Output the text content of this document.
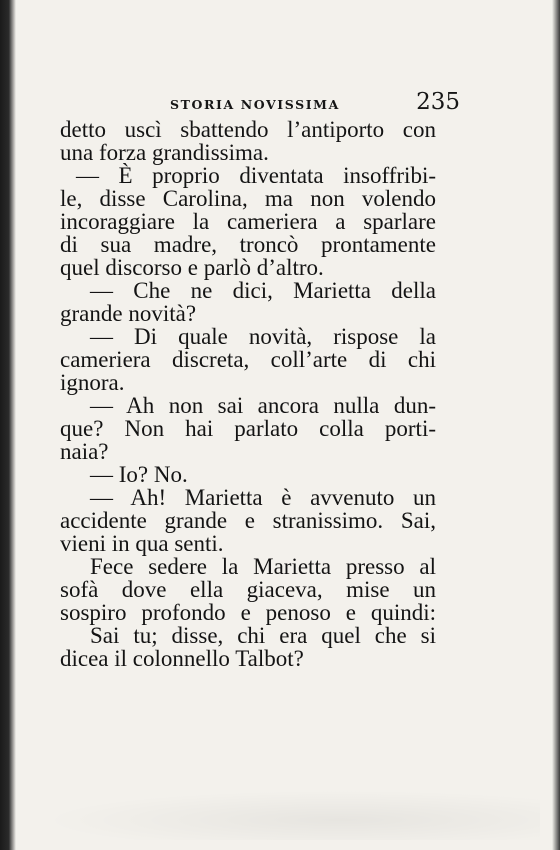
STORIA NOVISSIMA	235
detto uscì sbattendo l’antiporto con
una forza grandissima.
— È proprio diventata insoffribi-
le, disse Carolina, ma non volendo
incoraggiare la cameriera a sparlare
di sua madre, troncò prontamente
quel discorso e parlò d’altro.
— Che ne dici, Marietta della
grande novità?
— Di quale novità, rispose la
cameriera discreta, coll’arte di chi
ignora.
— Ah non sai ancora nulla dun-
que? Non hai parlato colla porti-
naia?
— Io? No.
— Ah! Marietta è avvenuto un
accidente grande e stranissimo. Sai,
vieni in qua senti.
Fece sedere la Marietta presso al
sofà dove ella giaceva, mise un
sospiro profondo e penoso e quindi:
Sai tu; disse, chi era quel che si
dicea il colonnello Talbot?
